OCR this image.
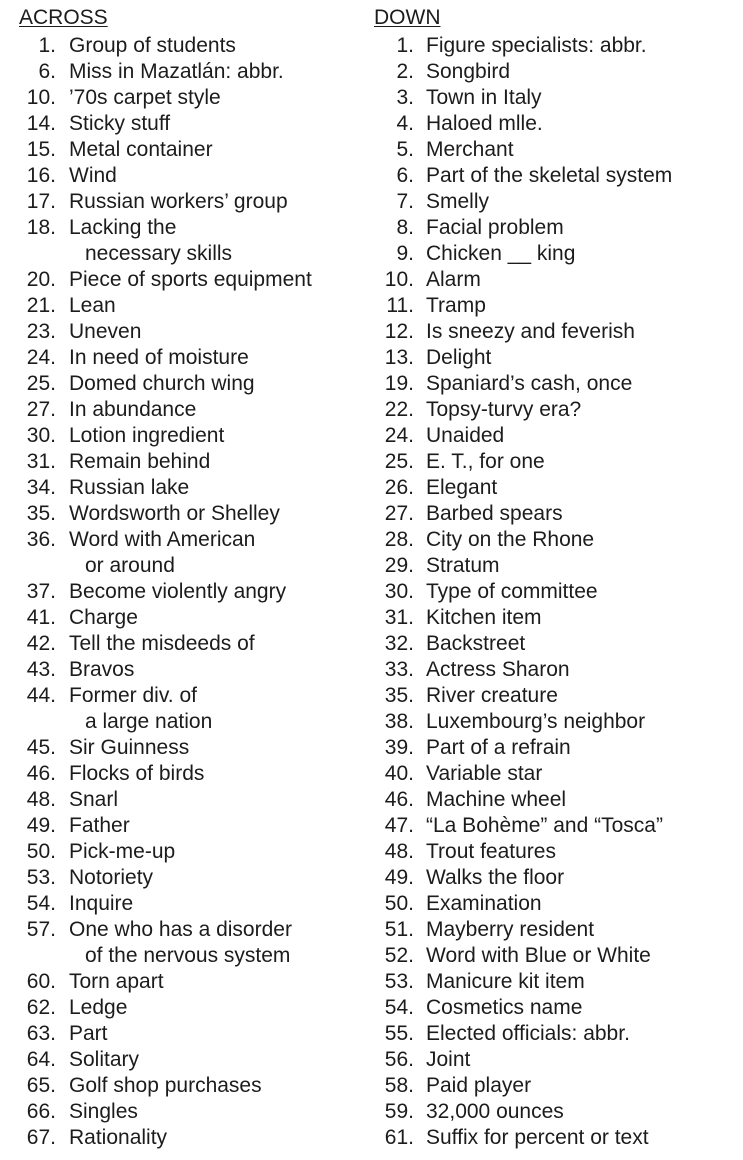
ACROSS
1. Group of students
6. Miss in Mazatlán: abbr.
10. ’70s carpet style
14. Sticky stuff
15. Metal container
16. Wind
17. Russian workers’ group
18. Lacking the
necessary skills
20. Piece of sports equipment
21. Lean
23. Uneven
24. In need of moisture
25. Domed church wing
27. In abundance
30. Lotion ingredient
31. Remain behind
34. Russian lake
35. Wordsworth or Shelley
36. Word with American
or around
37. Become violently angry
41. Charge
42. Tell the misdeeds of
43. Bravos
44. Former div. of
a large nation
45. Sir Guinness
46. Flocks of birds
48. Snarl
49. Father
50. Pick-me-up
53. Notoriety
54. Inquire
57. One who has a disorder
of the nervous system
60. Torn apart
62. Ledge
63. Part
64. Solitary
65. Golf shop purchases
66. Singles
67. Rationality
DOWN
1. Figure specialists: abbr.
2. Songbird
3. Town in Italy
4. Haloed mlle.
5. Merchant
6. Part of the skeletal system
7. Smelly
8. Facial problem
9. Chicken __ king
10. Alarm
11. Tramp
12. Is sneezy and feverish
13. Delight
19. Spaniard’s cash, once
22. Topsy-turvy era?
24. Unaided
25. E. T., for one
26. Elegant
27. Barbed spears
28. City on the Rhone
29. Stratum
30. Type of committee
31. Kitchen item
32. Backstreet
33. Actress Sharon
35. River creature
38. Luxembourg’s neighbor
39. Part of a refrain
40. Variable star
46. Machine wheel
47. “La Bohème” and “Tosca”
48. Trout features
49. Walks the floor
50. Examination
51. Mayberry resident
52. Word with Blue or White
53. Manicure kit item
54. Cosmetics name
55. Elected officials: abbr.
56. Joint
58. Paid player
59. 32,000 ounces
61. Suffix for percent or text
